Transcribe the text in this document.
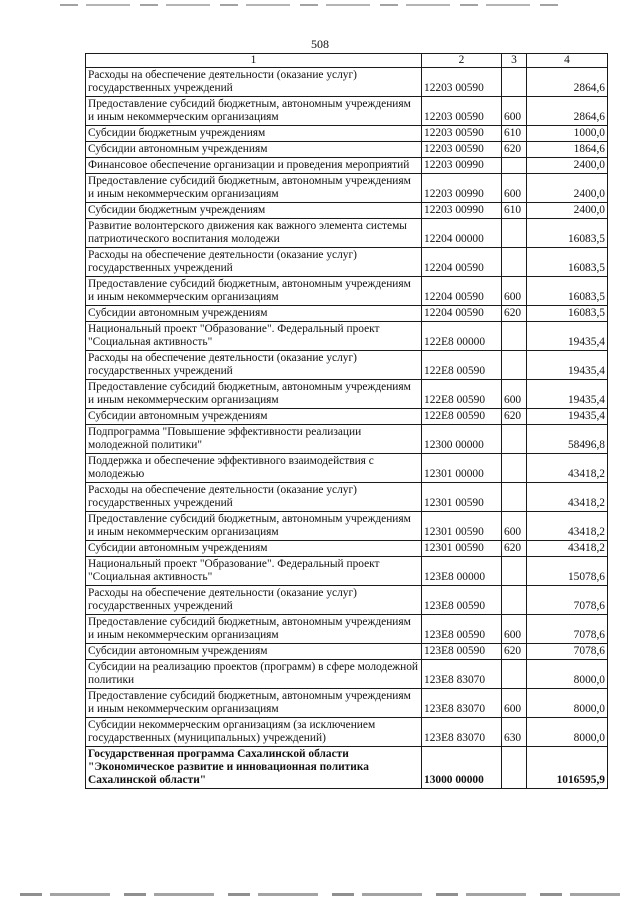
508
1	2	3	4
Расходы на обеспечение деятельности (оказание услуг) государственных учреждений	12203 00590		2864,6
Предоставление субсидий бюджетным, автономным учреждениям и иным некоммерческим организациям	12203 00590	600	2864,6
Субсидии бюджетным учреждениям	12203 00590	610	1000,0
Субсидии автономным учреждениям	12203 00590	620	1864,6
Финансовое обеспечение организации и проведения мероприятий	12203 00990		2400,0
Предоставление субсидий бюджетным, автономным учреждениям и иным некоммерческим организациям	12203 00990	600	2400,0
Субсидии бюджетным учреждениям	12203 00990	610	2400,0
Развитие волонтерского движения как важного элемента системы патриотического воспитания молодежи	12204 00000		16083,5
Расходы на обеспечение деятельности (оказание услуг) государственных учреждений	12204 00590		16083,5
Предоставление субсидий бюджетным, автономным учреждениям и иным некоммерческим организациям	12204 00590	600	16083,5
Субсидии автономным учреждениям	12204 00590	620	16083,5
Национальный проект "Образование". Федеральный проект "Социальная активность"	122E8 00000		19435,4
Расходы на обеспечение деятельности (оказание услуг) государственных учреждений	122E8 00590		19435,4
Предоставление субсидий бюджетным, автономным учреждениям и иным некоммерческим организациям	122E8 00590	600	19435,4
Субсидии автономным учреждениям	122E8 00590	620	19435,4
Подпрограмма "Повышение эффективности реализации молодежной политики"	12300 00000		58496,8
Поддержка и обеспечение эффективного взаимодействия с молодежью	12301 00000		43418,2
Расходы на обеспечение деятельности (оказание услуг) государственных учреждений	12301 00590		43418,2
Предоставление субсидий бюджетным, автономным учреждениям и иным некоммерческим организациям	12301 00590	600	43418,2
Субсидии автономным учреждениям	12301 00590	620	43418,2
Национальный проект "Образование". Федеральный проект "Социальная активность"	123E8 00000		15078,6
Расходы на обеспечение деятельности (оказание услуг) государственных учреждений	123E8 00590		7078,6
Предоставление субсидий бюджетным, автономным учреждениям и иным некоммерческим организациям	123E8 00590	600	7078,6
Субсидии автономным учреждениям	123E8 00590	620	7078,6
Субсидии на реализацию проектов (программ) в сфере молодежной политики	123E8 83070		8000,0
Предоставление субсидий бюджетным, автономным учреждениям и иным некоммерческим организациям	123E8 83070	600	8000,0
Субсидии некоммерческим организациям (за исключением государственных (муниципальных) учреждений)	123E8 83070	630	8000,0
Государственная программа Сахалинской области "Экономическое развитие и инновационная политика Сахалинской области"	13000 00000		1016595,9
